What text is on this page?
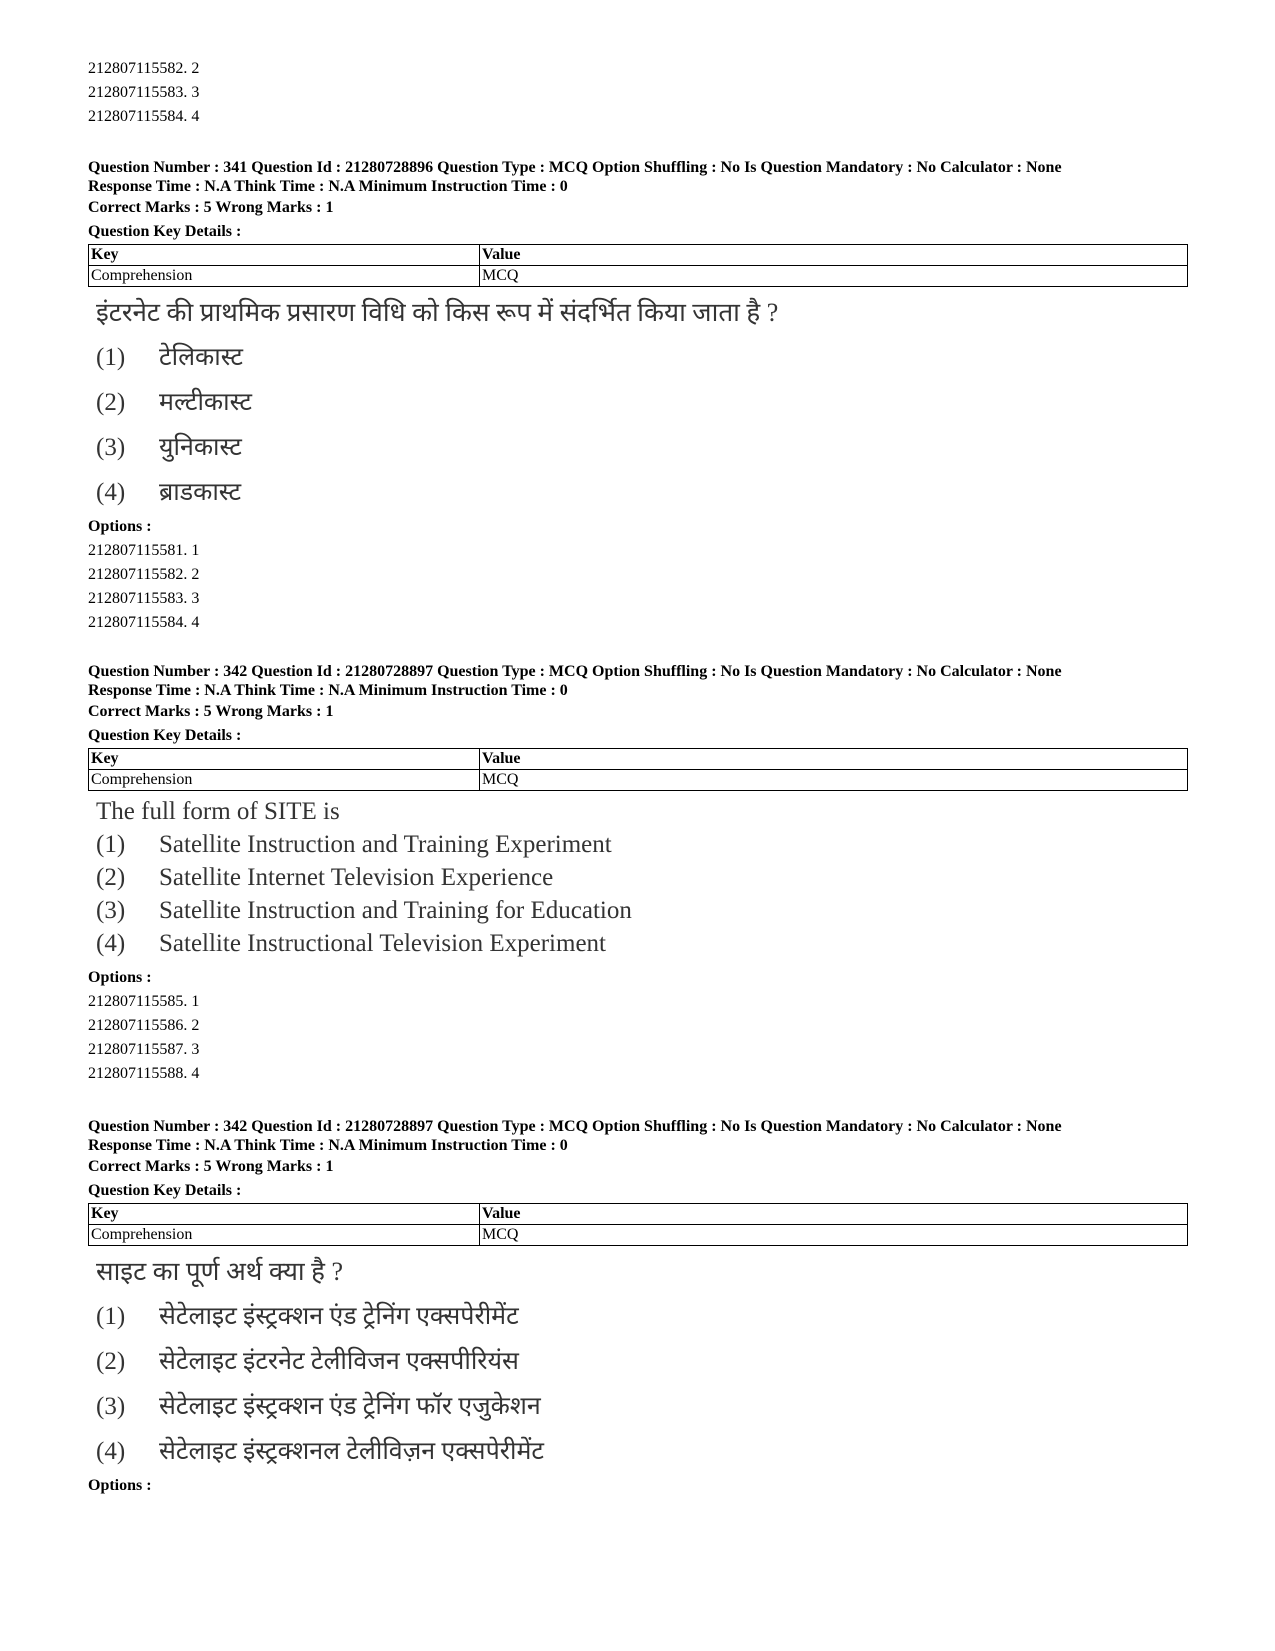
212807115582. 2
212807115583. 3
212807115584. 4
Question Number : 341 Question Id : 21280728896 Question Type : MCQ Option Shuffling : No Is Question Mandatory : No Calculator : None
Response Time : N.A Think Time : N.A Minimum Instruction Time : 0
Correct Marks : 5 Wrong Marks : 1
Question Key Details :
Key	Value
Comprehension	MCQ
इंटरनेट की प्राथमिक प्रसारण विधि को किस रूप में संदर्भित किया जाता है ?
(1) टेलिकास्ट
(2) मल्टीकास्ट
(3) युनिकास्ट
(4) ब्राडकास्ट
Options :
212807115581. 1
212807115582. 2
212807115583. 3
212807115584. 4
Question Number : 342 Question Id : 21280728897 Question Type : MCQ Option Shuffling : No Is Question Mandatory : No Calculator : None
Response Time : N.A Think Time : N.A Minimum Instruction Time : 0
Correct Marks : 5 Wrong Marks : 1
Question Key Details :
Key	Value
Comprehension	MCQ
The full form of SITE is
(1) Satellite Instruction and Training Experiment
(2) Satellite Internet Television Experience
(3) Satellite Instruction and Training for Education
(4) Satellite Instructional Television Experiment
Options :
212807115585. 1
212807115586. 2
212807115587. 3
212807115588. 4
Question Number : 342 Question Id : 21280728897 Question Type : MCQ Option Shuffling : No Is Question Mandatory : No Calculator : None
Response Time : N.A Think Time : N.A Minimum Instruction Time : 0
Correct Marks : 5 Wrong Marks : 1
Question Key Details :
Key	Value
Comprehension	MCQ
साइट का पूर्ण अर्थ क्या है ?
(1) सेटेलाइट इंस्ट्रक्शन एंड ट्रेनिंग एक्सपेरीमेंट
(2) सेटेलाइट इंटरनेट टेलीविजन एक्सपीरियंस
(3) सेटेलाइट इंस्ट्रक्शन एंड ट्रेनिंग फॉर एजुकेशन
(4) सेटेलाइट इंस्ट्रक्शनल टेलीविज़न एक्सपेरीमेंट
Options :
